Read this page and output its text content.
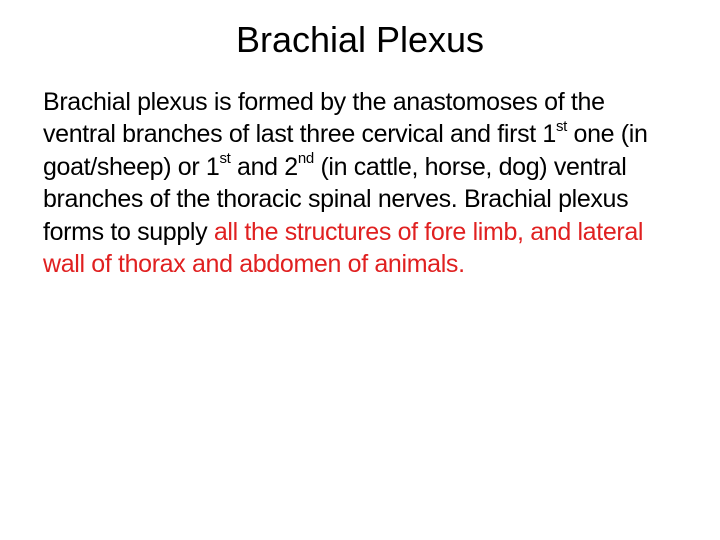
Brachial Plexus

Brachial plexus is formed by the anastomoses of the ventral branches of last three cervical and first 1st one (in goat/sheep) or 1st and 2nd (in cattle, horse, dog) ventral branches of the thoracic spinal nerves. Brachial plexus forms to supply all the structures of fore limb, and lateral wall of thorax and abdomen of animals.
